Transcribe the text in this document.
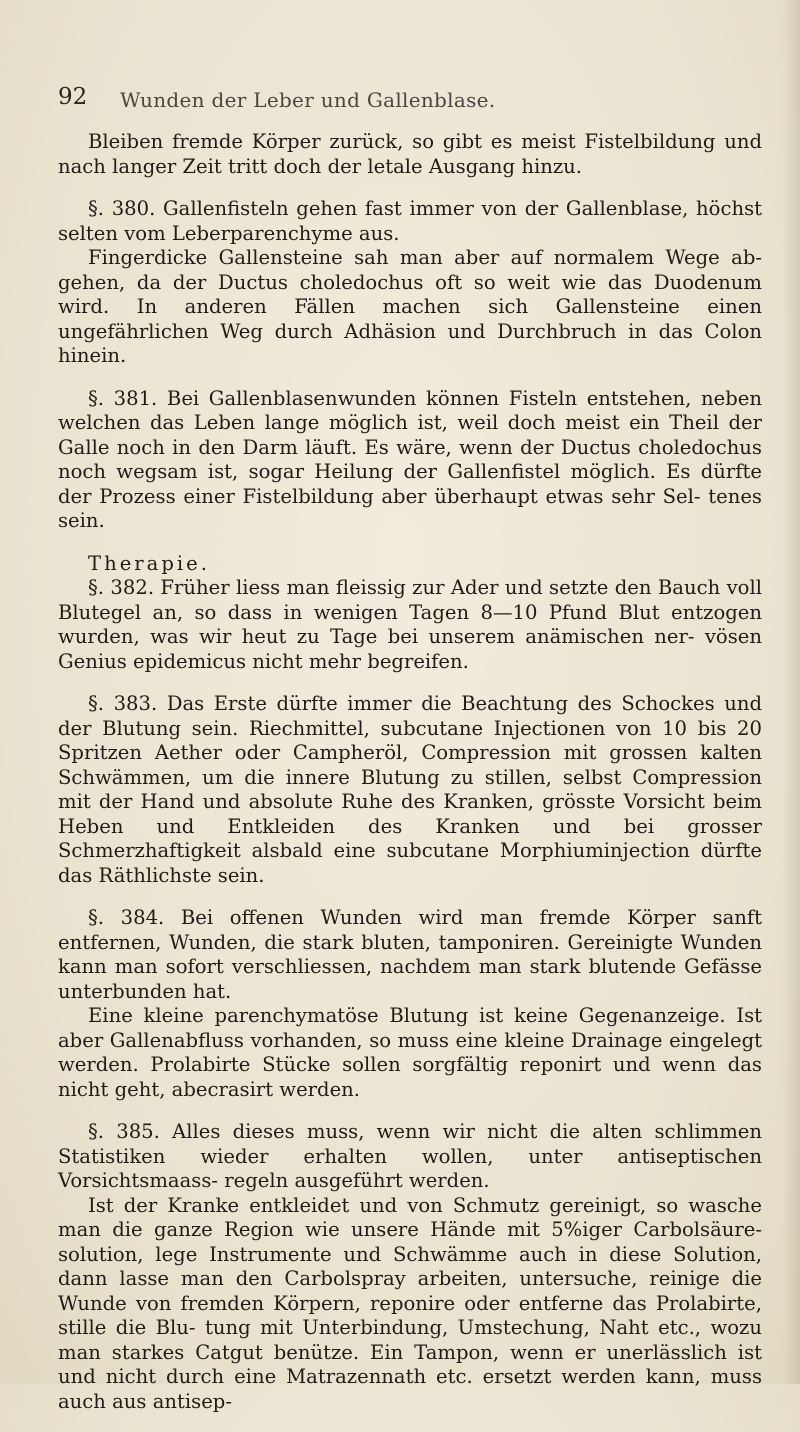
92 Wunden der Leber und Gallenblase.

Bleiben fremde Körper zurück, so gibt es meist Fistelbildung und nach langer Zeit tritt doch der letale Ausgang hinzu.

§. 380. Gallenfisteln gehen fast immer von der Gallenblase, höchst selten vom Leberparenchyme aus.

Fingerdicke Gallensteine sah man aber auf normalem Wege ab- gehen, da der Ductus choledochus oft so weit wie das Duodenum wird. In anderen Fällen machen sich Gallensteine einen ungefährlichen Weg durch Adhäsion und Durchbruch in das Colon hinein.

§. 381. Bei Gallenblasenwunden können Fisteln entstehen, neben welchen das Leben lange möglich ist, weil doch meist ein Theil der Galle noch in den Darm läuft. Es wäre, wenn der Ductus choledochus noch wegsam ist, sogar Heilung der Gallenfistel möglich. Es dürfte der Prozess einer Fistelbildung aber überhaupt etwas sehr Sel- tenes sein.

Therapie.

§. 382. Früher liess man fleissig zur Ader und setzte den Bauch voll Blutegel an, so dass in wenigen Tagen 8—10 Pfund Blut entzogen wurden, was wir heut zu Tage bei unserem anämischen ner- vösen Genius epidemicus nicht mehr begreifen.

§. 383. Das Erste dürfte immer die Beachtung des Schockes und der Blutung sein. Riechmittel, subcutane Injectionen von 10 bis 20 Spritzen Aether oder Campheröl, Compression mit grossen kalten Schwämmen, um die innere Blutung zu stillen, selbst Compression mit der Hand und absolute Ruhe des Kranken, grösste Vorsicht beim Heben und Entkleiden des Kranken und bei grosser Schmerzhaftigkeit alsbald eine subcutane Morphiuminjection dürfte das Räthlichste sein.

§. 384. Bei offenen Wunden wird man fremde Körper sanft entfernen, Wunden, die stark bluten, tamponiren. Gereinigte Wunden kann man sofort verschliessen, nachdem man stark blutende Gefässe unterbunden hat.

Eine kleine parenchymatöse Blutung ist keine Gegenanzeige. Ist aber Gallenabfluss vorhanden, so muss eine kleine Drainage eingelegt werden. Prolabirte Stücke sollen sorgfältig reponirt und wenn das nicht geht, abecrasirt werden.

§. 385. Alles dieses muss, wenn wir nicht die alten schlimmen Statistiken wieder erhalten wollen, unter antiseptischen Vorsichtsmaass- regeln ausgeführt werden.

Ist der Kranke entkleidet und von Schmutz gereinigt, so wasche man die ganze Region wie unsere Hände mit 5%iger Carbolsäure- solution, lege Instrumente und Schwämme auch in diese Solution, dann lasse man den Carbolspray arbeiten, untersuche, reinige die Wunde von fremden Körpern, reponire oder entferne das Prolabirte, stille die Blu- tung mit Unterbindung, Umstechung, Naht etc., wozu man starkes Catgut benütze. Ein Tampon, wenn er unerlässlich ist und nicht durch eine Matrazennath etc. ersetzt werden kann, muss auch aus antisep-
